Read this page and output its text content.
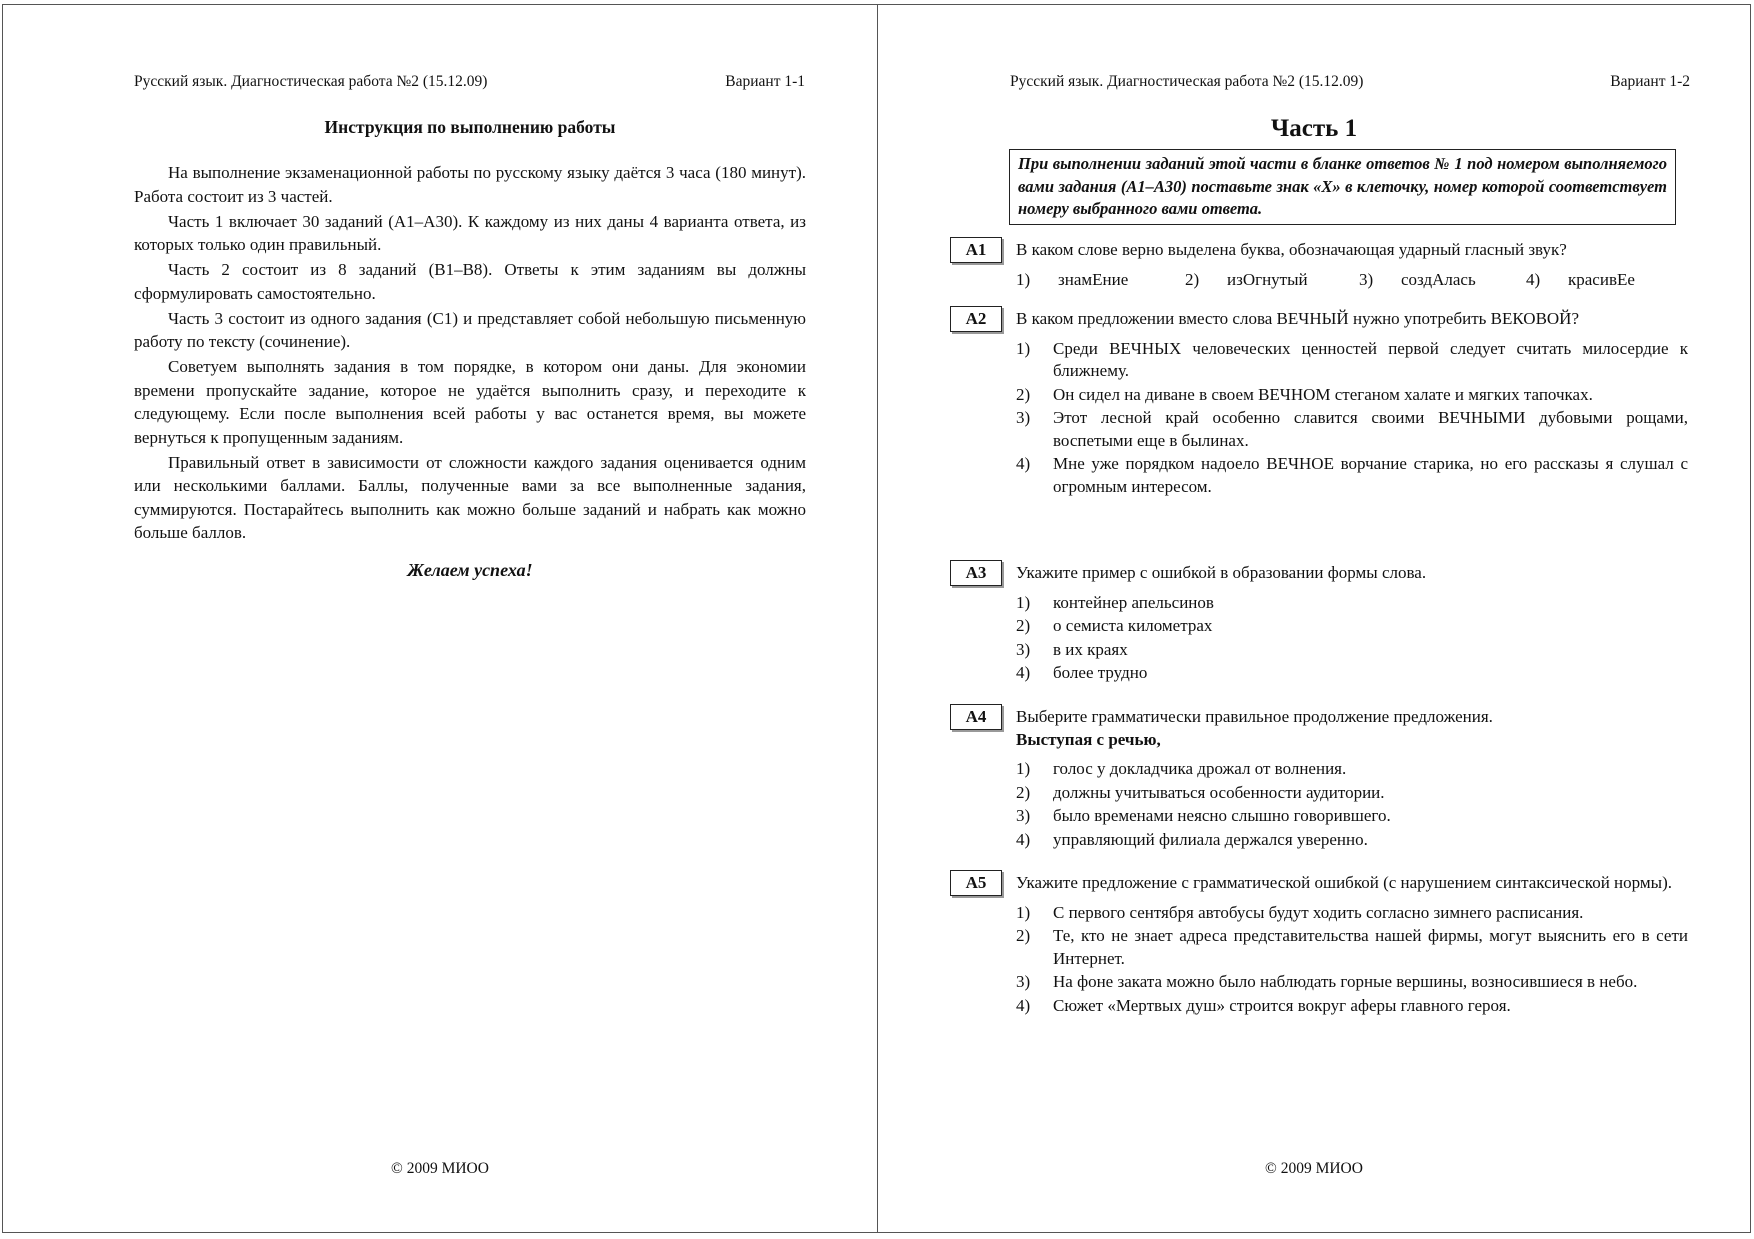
Русский язык. Диагностическая работа №2 (15.12.09)	Вариант 1-1
Инструкция по выполнению работы

На выполнение экзаменационной работы по русскому языку даётся 3 часа (180 минут). Работа состоит из 3 частей.

Часть 1 включает 30 заданий (A1–A30). К каждому из них даны 4 варианта ответа, из которых только один правильный.

Часть 2 состоит из 8 заданий (B1–B8). Ответы к этим заданиям вы должны сформулировать самостоятельно.

Часть 3 состоит из одного задания (C1) и представляет собой небольшую письменную работу по тексту (сочинение).

Советуем выполнять задания в том порядке, в котором они даны. Для экономии времени пропускайте задание, которое не удаётся выполнить сразу, и переходите к следующему. Если после выполнения всей работы у вас останется время, вы можете вернуться к пропущенным заданиям.

Правильный ответ в зависимости от сложности каждого задания оценивается одним или несколькими баллами. Баллы, полученные вами за все выполненные задания, суммируются. Постарайтесь выполнить как можно больше заданий и набрать как можно больше баллов.

Желаем успеха!
© 2009 МИОО
Русский язык. Диагностическая работа №2 (15.12.09)	Вариант 1-2
Часть 1
При выполнении заданий этой части в бланке ответов № 1 под номером выполняемого вами задания (A1–A30) поставьте знак «X» в клеточку, номер которой соответствует номеру выбранного вами ответа.
A1	В каком слове верно выделена буква, обозначающая ударный гласный звук?
1)	знамЕние	2)	изОгнутый	3)	создАлась	4)	красивЕе
A2	В каком предложении вместо слова ВЕЧНЫЙ нужно употребить ВЕКОВОЙ?
1)	Среди ВЕЧНЫХ человеческих ценностей первой следует считать милосердие к ближнему.
2)	Он сидел на диване в своем ВЕЧНОМ стеганом халате и мягких тапочках.
3)	Этот лесной край особенно славится своими ВЕЧНЫМИ дубовыми рощами, воспетыми еще в былинах.
4)	Мне уже порядком надоело ВЕЧНОЕ ворчание старика, но его рассказы я слушал с огромным интересом.
A3	Укажите пример с ошибкой в образовании формы слова.
1)	контейнер апельсинов
2)	о семиста километрах
3)	в их краях
4)	более трудно
A4	Выберите грамматически правильное продолжение предложения.
Выступая с речью,
1)	голос у докладчика дрожал от волнения.
2)	должны учитываться особенности аудитории.
3)	было временами неясно слышно говорившего.
4)	управляющий филиала держался уверенно.
A5	Укажите предложение с грамматической ошибкой (с нарушением синтаксической нормы).
1)	С первого сентября автобусы будут ходить согласно зимнего расписания.
2)	Те, кто не знает адреса представительства нашей фирмы, могут выяснить его в сети Интернет.
3)	На фоне заката можно было наблюдать горные вершины, возносившиеся в небо.
4)	Сюжет «Мертвых душ» строится вокруг аферы главного героя.
© 2009 МИОО
